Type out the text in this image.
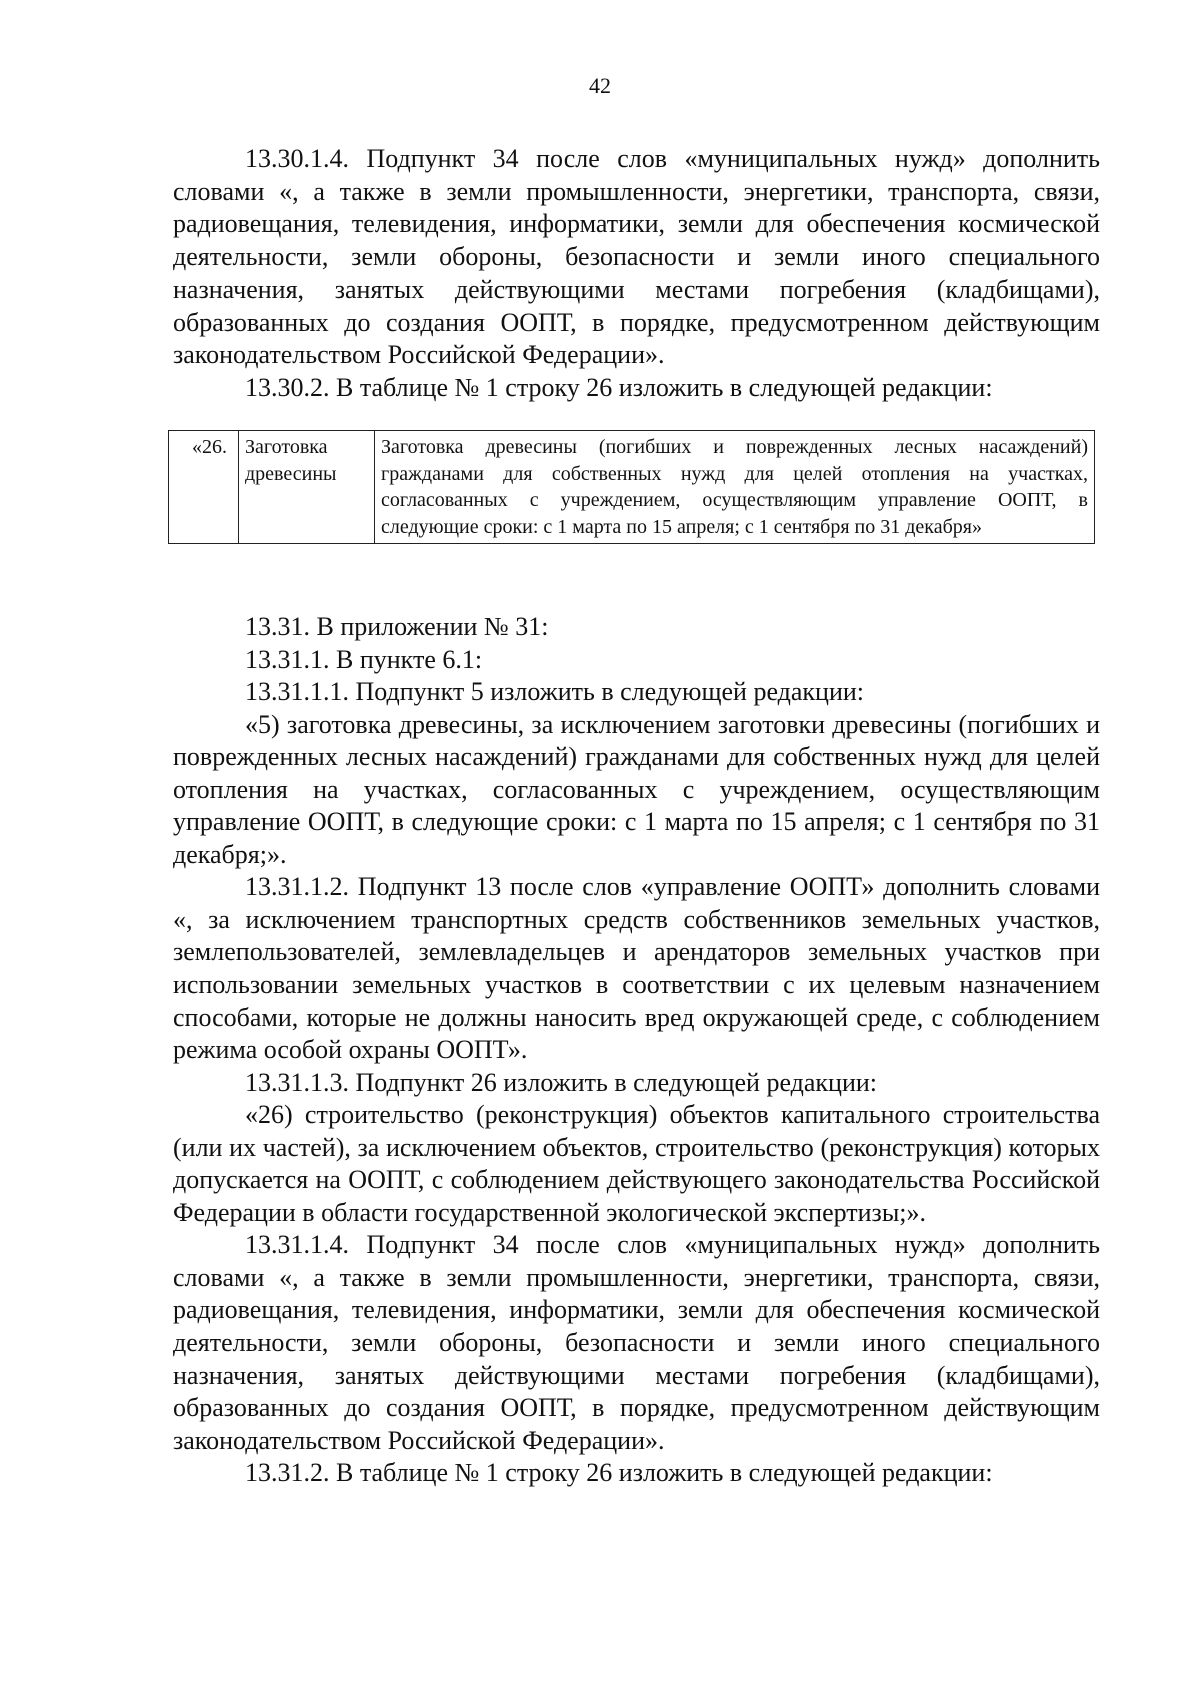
42

13.30.1.4. Подпункт 34 после слов «муниципальных нужд» дополнить словами «, а также в земли промышленности, энергетики, транспорта, связи, радиовещания, телевидения, информатики, земли для обеспечения космической деятельности, земли обороны, безопасности и земли иного специального назначения, занятых действующими местами погребения (кладбищами), образованных до создания ООПТ, в порядке, предусмотренном действующим законодательством Российской Федерации».

13.30.2. В таблице № 1 строку 26 изложить в следующей редакции:

«26.	Заготовка древесины	Заготовка древесины (погибших и поврежденных лесных насаждений) гражданами для собственных нужд для целей отопления на участках, согласованных с учреждением, осуществляющим управление ООПТ, в следующие сроки: с 1 марта по 15 апреля; с 1 сентября по 31 декабря»

13.31. В приложении № 31:

13.31.1. В пункте 6.1:

13.31.1.1. Подпункт 5 изложить в следующей редакции:

«5) заготовка древесины, за исключением заготовки древесины (погибших и поврежденных лесных насаждений) гражданами для собственных нужд для целей отопления на участках, согласованных с учреждением, осуществляющим управление ООПТ, в следующие сроки: с 1 марта по 15 апреля; с 1 сентября по 31 декабря;».

13.31.1.2. Подпункт 13 после слов «управление ООПТ» дополнить словами «, за исключением транспортных средств собственников земельных участков, землепользователей, землевладельцев и арендаторов земельных участков при использовании земельных участков в соответствии с их целевым назначением способами, которые не должны наносить вред окружающей среде, с соблюдением режима особой охраны ООПТ».

13.31.1.3. Подпункт 26 изложить в следующей редакции:

«26) строительство (реконструкция) объектов капитального строительства (или их частей), за исключением объектов, строительство (реконструкция) которых допускается на ООПТ, с соблюдением действующего законодательства Российской Федерации в области государственной экологической экспертизы;».

13.31.1.4. Подпункт 34 после слов «муниципальных нужд» дополнить словами «, а также в земли промышленности, энергетики, транспорта, связи, радиовещания, телевидения, информатики, земли для обеспечения космической деятельности, земли обороны, безопасности и земли иного специального назначения, занятых действующими местами погребения (кладбищами), образованных до создания ООПТ, в порядке, предусмотренном действующим законодательством Российской Федерации».

13.31.2. В таблице № 1 строку 26 изложить в следующей редакции:
